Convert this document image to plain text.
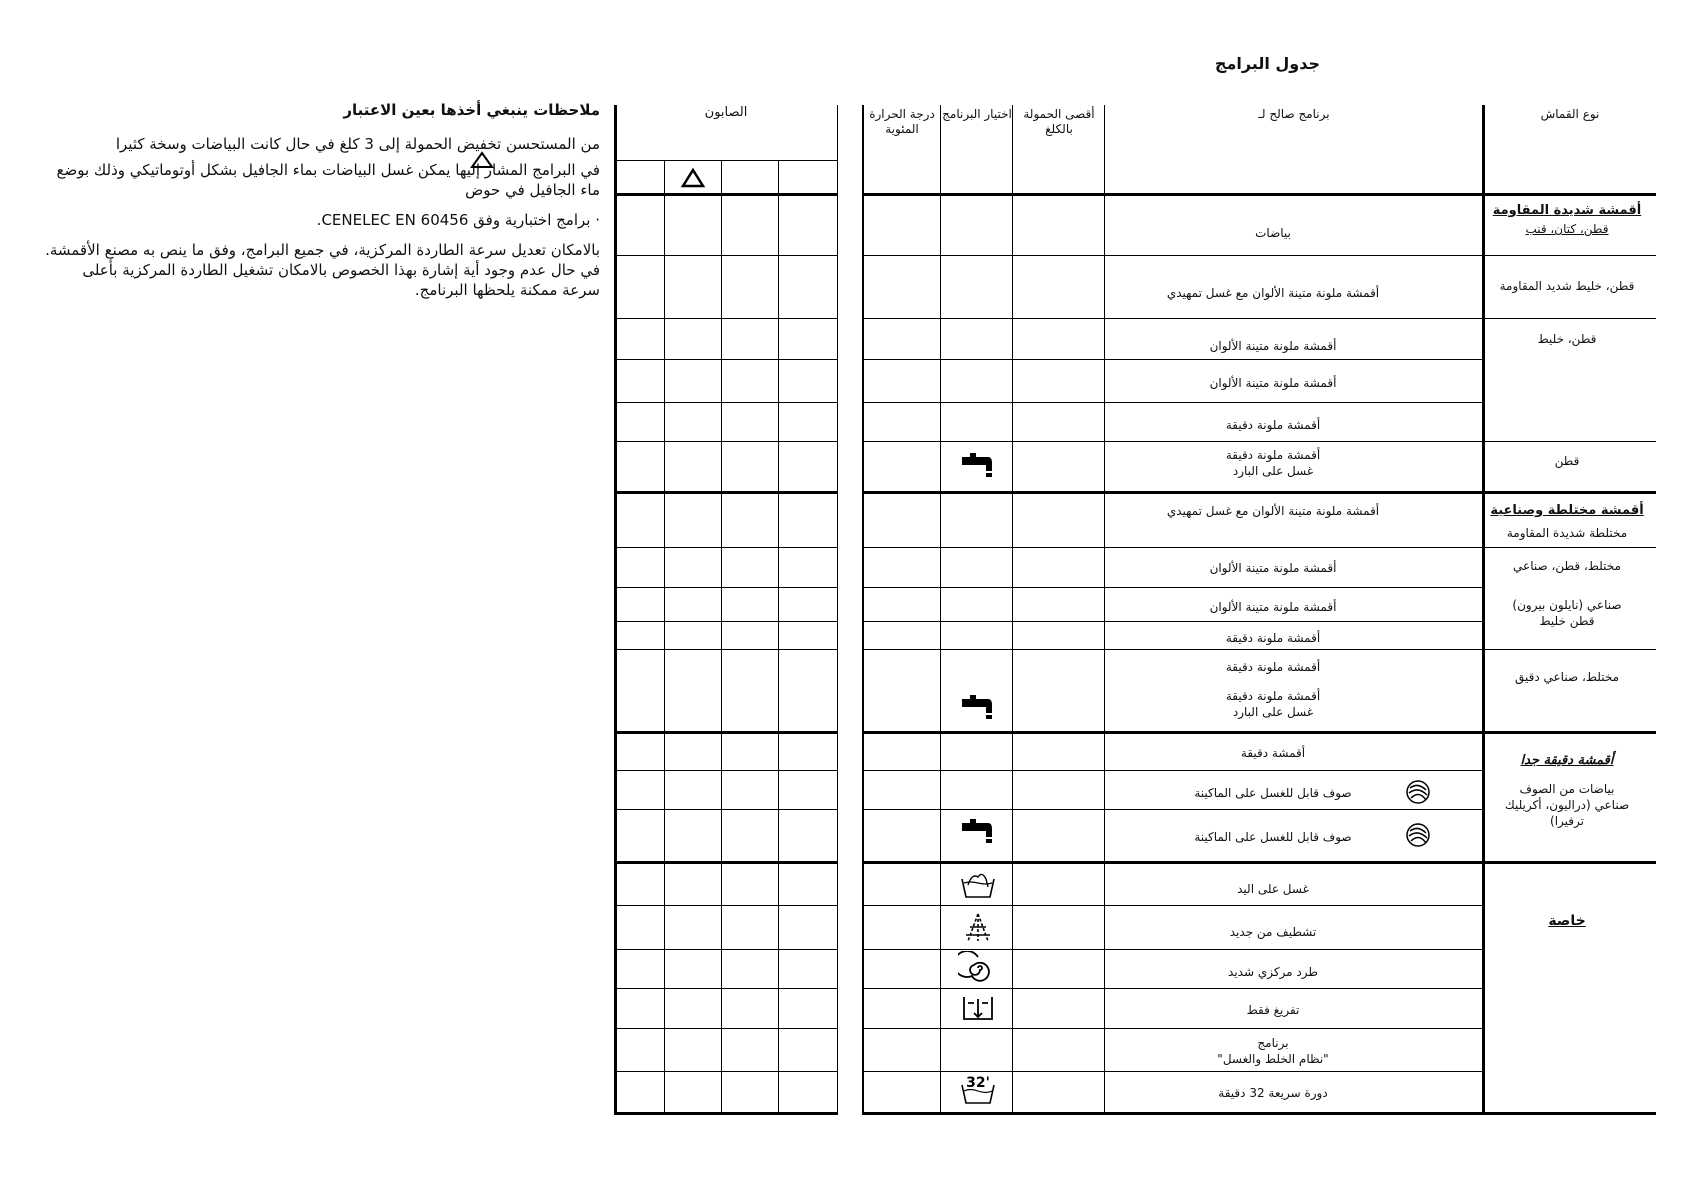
جدول البرامج

ملاحظات ينبغي أخذها بعين الاعتبار

من المستحسن تخفيض الحمولة إلى 3 كلغ في حال كانت البياضات وسخة كثيرا

في البرامج المشار إليها يمكن غسل البياضات بماء الجافيل بشكل أوتوماتيكي وذلك بوضع ماء الجافيل في حوض

· برامج اختبارية وفق CENELEC EN 60456.

بالامكان تعديل سرعة الطاردة المركزية، في جميع البرامج، وفق ما ينص به مصنع الأقمشة.

في حال عدم وجود أية إشارة بهذا الخصوص بالامكان تشغيل الطاردة المركزية بأعلى سرعة ممكنة يلحظها البرنامج.

الصابون	درجة الحرارة المئوية
اختيار البرنامج أقصى الحمولة بالكلغ
برنامج صالح لـ	نوع القماش
بياضات
أقمشة ملونة متينة الألوان مع غسل تمهيدي
أقمشة ملونة متينة الألوان
أقمشة ملونة متينة الألوان
أقمشة ملونة دقيقة
أقمشة ملونة دقيقة
غسل على البارد
أقمشة ملونة متينة الألوان مع غسل تمهيدي
أقمشة ملونة متينة الألوان
أقمشة ملونة متينة الألوان
أقمشة ملونة دقيقة
أقمشة ملونة دقيقة
أقمشة ملونة دقيقة
غسل على البارد
أقمشة دقيقة
صوف قابل للغسل على الماكينة
صوف قابل للغسل على الماكينة
غسل على اليد
تشطيف من جديد
طرد مركزي شديد
تفريغ فقط
برنامج
"نظام الخلط والغسل"
دورة سريعة 32 دقيقة
32'
أقمشة شديدة المقاومة
قطن، كتان، قنب
قطن، خليط شديد المقاومة
قطن، خليط
قطن
أقمشة مختلطة وصناعية
مختلطة شديدة المقاومة
مختلط، قطن، صناعي
صناعي (نايلون بيرون)
قطن خليط
مختلط، صناعي دقيق
أقمشة دقيقة جدا
بياضات من الصوف
صناعي (دراليون، أكريليك
ترفيرا)
خاصة
